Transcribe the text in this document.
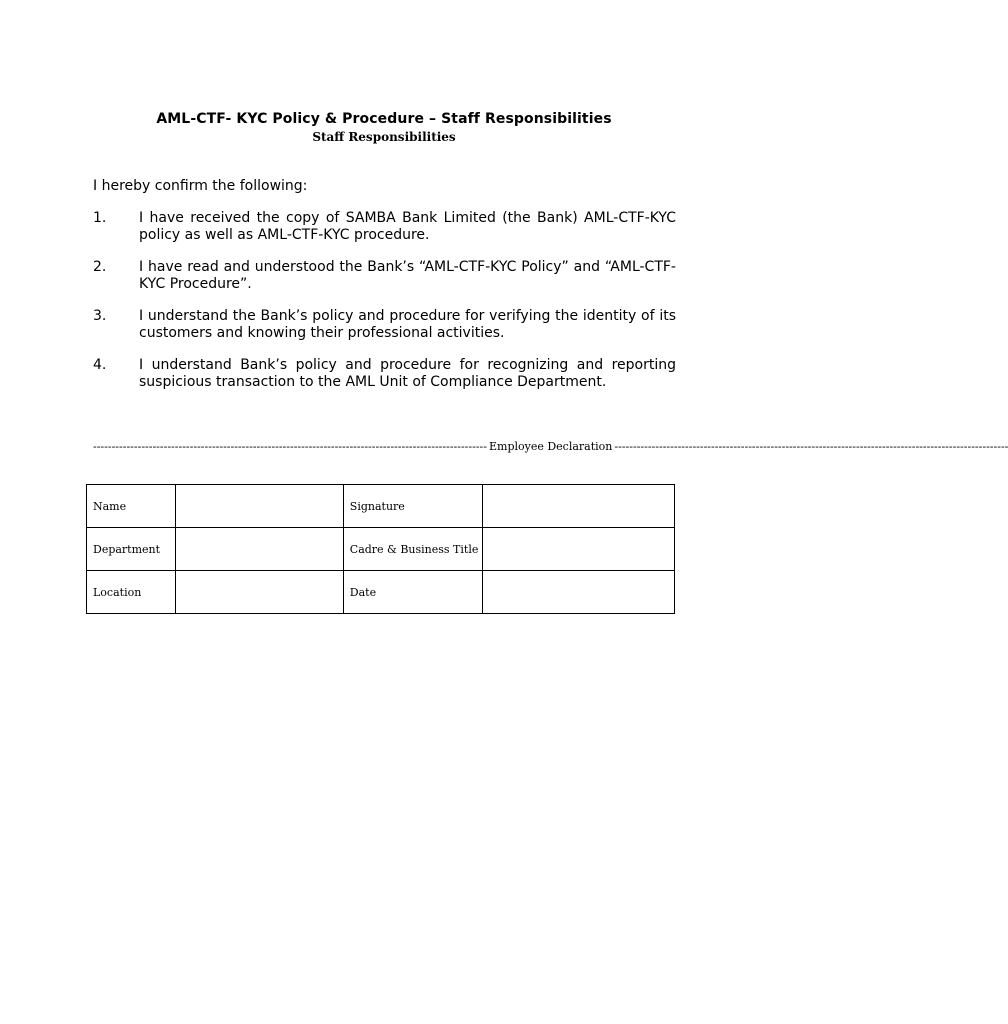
AML-CTF- KYC Policy & Procedure – Staff Responsibilities
Staff Responsibilities
I hereby confirm the following:
1.	I have received the copy of SAMBA Bank Limited (the Bank) AML-CTF-KYC policy as well as AML-CTF-KYC procedure.
2.	I have read and understood the Bank’s “AML-CTF-KYC Policy” and “AML-CTF-KYC Procedure”.
3.	I understand the Bank’s policy and procedure for verifying the identity of its customers and knowing their professional activities.
4.	I understand Bank’s policy and procedure for recognizing and reporting suspicious transaction to the AML Unit of Compliance Department.
---------------------------------------------------------------------------------------------------------- Employee Declaration ----------------------------------------------------------------------------------------------------------
Name		Signature	
Department		Cadre & Business Title	
Location		Date	
